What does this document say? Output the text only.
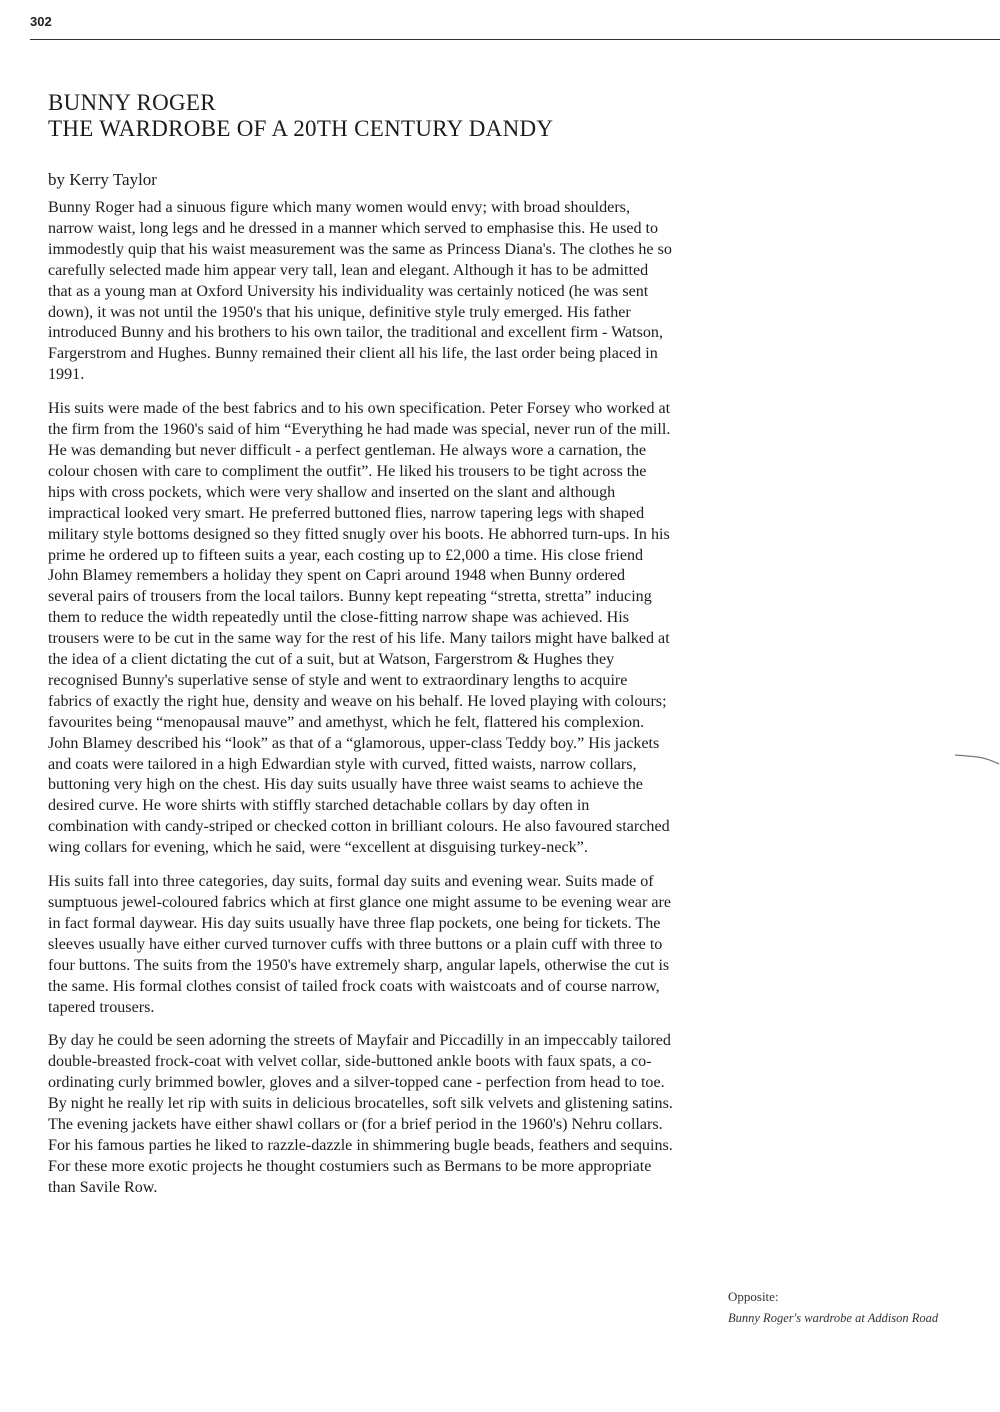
302
BUNNY ROGER
THE WARDROBE OF A 20TH CENTURY DANDY
by Kerry Taylor

Bunny Roger had a sinuous figure which many women would envy; with broad shoulders, narrow waist, long legs and he dressed in a manner which served to emphasise this. He used to immodestly quip that his waist measurement was the same as Princess Diana's. The clothes he so carefully selected made him appear very tall, lean and elegant. Although it has to be admitted that as a young man at Oxford University his individuality was certainly noticed (he was sent down), it was not until the 1950's that his unique, definitive style truly emerged. His father introduced Bunny and his brothers to his own tailor, the traditional and excellent firm - Watson, Fargerstrom and Hughes. Bunny remained their client all his life, the last order being placed in 1991.

His suits were made of the best fabrics and to his own specification. Peter Forsey who worked at the firm from the 1960's said of him “Everything he had made was special, never run of the mill. He was demanding but never difficult - a perfect gentleman. He always wore a carnation, the colour chosen with care to compliment the outfit”. He liked his trousers to be tight across the hips with cross pockets, which were very shallow and inserted on the slant and although impractical looked very smart. He preferred buttoned flies, narrow tapering legs with shaped military style bottoms designed so they fitted snugly over his boots. He abhorred turn-ups. In his prime he ordered up to fifteen suits a year, each costing up to £2,000 a time. His close friend John Blamey remembers a holiday they spent on Capri around 1948 when Bunny ordered several pairs of trousers from the local tailors. Bunny kept repeating “stretta, stretta” inducing them to reduce the width repeatedly until the close-fitting narrow shape was achieved. His trousers were to be cut in the same way for the rest of his life. Many tailors might have balked at the idea of a client dictating the cut of a suit, but at Watson, Fargerstrom & Hughes they recognised Bunny's superlative sense of style and went to extraordinary lengths to acquire fabrics of exactly the right hue, density and weave on his behalf. He loved playing with colours; favourites being “menopausal mauve” and amethyst, which he felt, flattered his complexion. John Blamey described his “look” as that of a “glamorous, upper-class Teddy boy.” His jackets and coats were tailored in a high Edwardian style with curved, fitted waists, narrow collars, buttoning very high on the chest. His day suits usually have three waist seams to achieve the desired curve. He wore shirts with stiffly starched detachable collars by day often in combination with candy-striped or checked cotton in brilliant colours. He also favoured starched wing collars for evening, which he said, were “excellent at disguising turkey-neck”.

His suits fall into three categories, day suits, formal day suits and evening wear. Suits made of sumptuous jewel-coloured fabrics which at first glance one might assume to be evening wear are in fact formal daywear. His day suits usually have three flap pockets, one being for tickets. The sleeves usually have either curved turnover cuffs with three buttons or a plain cuff with three to four buttons. The suits from the 1950's have extremely sharp, angular lapels, otherwise the cut is the same. His formal clothes consist of tailed frock coats with waistcoats and of course narrow, tapered trousers.

By day he could be seen adorning the streets of Mayfair and Piccadilly in an impeccably tailored double-breasted frock-coat with velvet collar, side-buttoned ankle boots with faux spats, a co-ordinating curly brimmed bowler, gloves and a silver-topped cane - perfection from head to toe. By night he really let rip with suits in delicious brocatelles, soft silk velvets and glistening satins. The evening jackets have either shawl collars or (for a brief period in the 1960's) Nehru collars. For his famous parties he liked to razzle-dazzle in shimmering bugle beads, feathers and sequins. For these more exotic projects he thought costumiers such as Bermans to be more appropriate than Savile Row.

Opposite:
Bunny Roger's wardrobe at Addison Road
